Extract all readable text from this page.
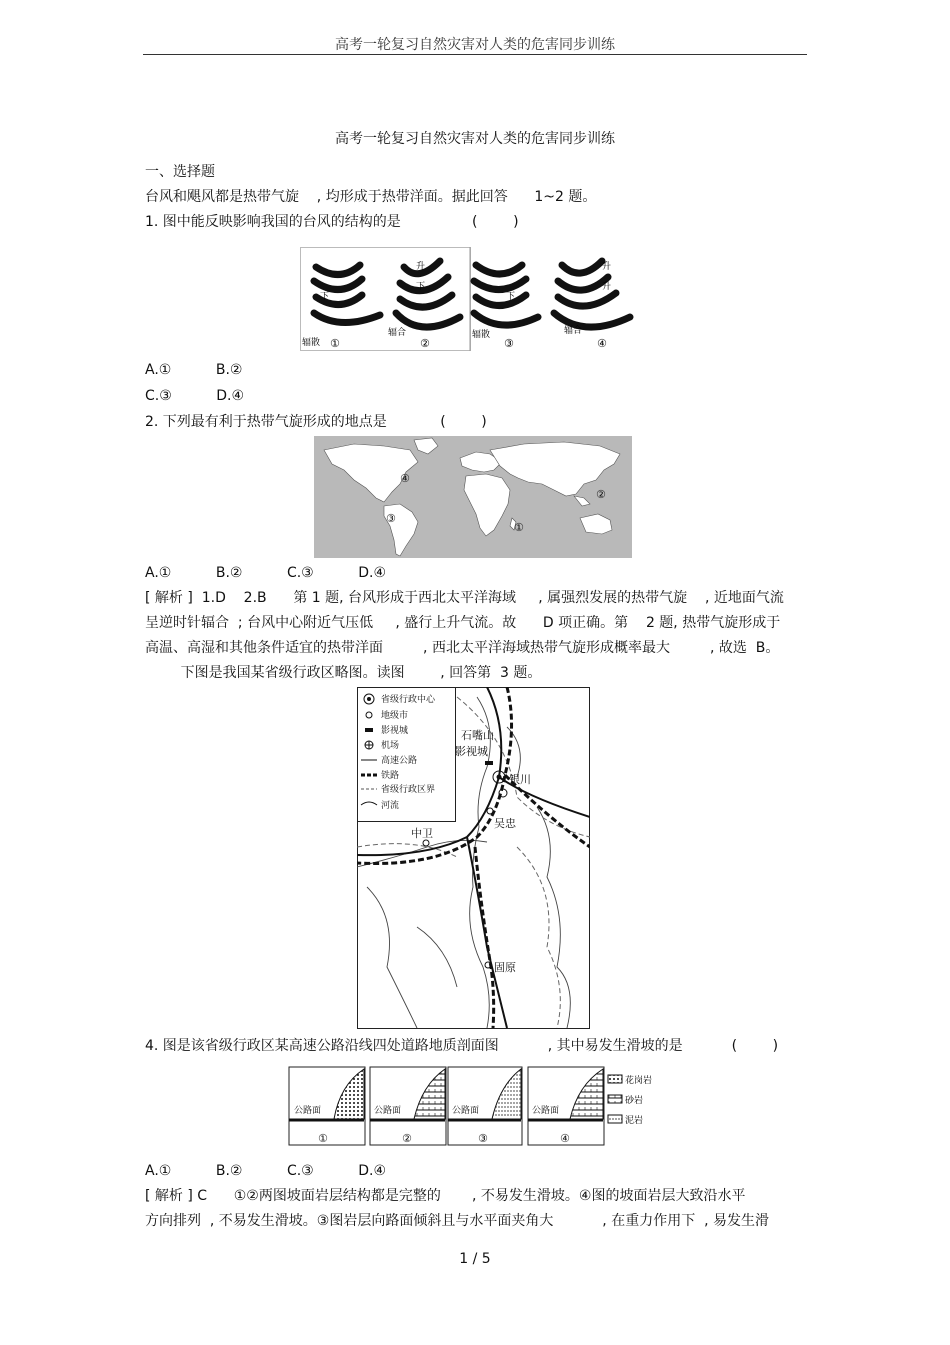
高考一轮复习自然灾害对人类的危害同步训练
高考一轮复习自然灾害对人类的危害同步训练
一、选择题
台风和飓风都是热带气旋    , 均形成于热带洋面。据此回答      1~2 题。
1. 图中能反映影响我国的台风的结构的是                (        )
下
升
下
升
升
下
辐散
辐合	辐散	辐合
①	②	③	④
A.①          B.②
C.③          D.④
2. 下列最有利于热带气旋形成的地点是            (        )
①
②
③
④
A.①          B.②          C.③          D.④
[ 解析 ]  1.D    2.B      第 1 题, 台风形成于西北太平洋海域     , 属强烈发展的热带气旋    , 近地面气流
呈逆时针辐合  ; 台风中心附近气压低     , 盛行上升气流。故      D 项正确。第    2 题, 热带气旋形成于
高温、高湿和其他条件适宜的热带洋面         , 西北太平洋海域热带气旋形成概率最大         , 故选  B。
下图是我国某省级行政区略图。读图        , 回答第  3 题。
省级行政中心
地级市
影视城
机场
高速公路
铁路
省级行政区界
河流
石嘴山
影视城
银川
吴忠
中卫
固原
4. 图是该省级行政区某高速公路沿线四处道路地质剖面图           , 其中易发生滑坡的是           (        )
公路面	公路面	公路面	公路面
①	②	③	④
花岗岩
砂岩
泥岩
A.①          B.②          C.③          D.④
[ 解析 ] C      ①②两图坡面岩层结构都是完整的       , 不易发生滑坡。④图的坡面岩层大致沿水平
方向排列  , 不易发生滑坡。③图岩层向路面倾斜且与水平面夹角大           , 在重力作用下  , 易发生滑
1 / 5
